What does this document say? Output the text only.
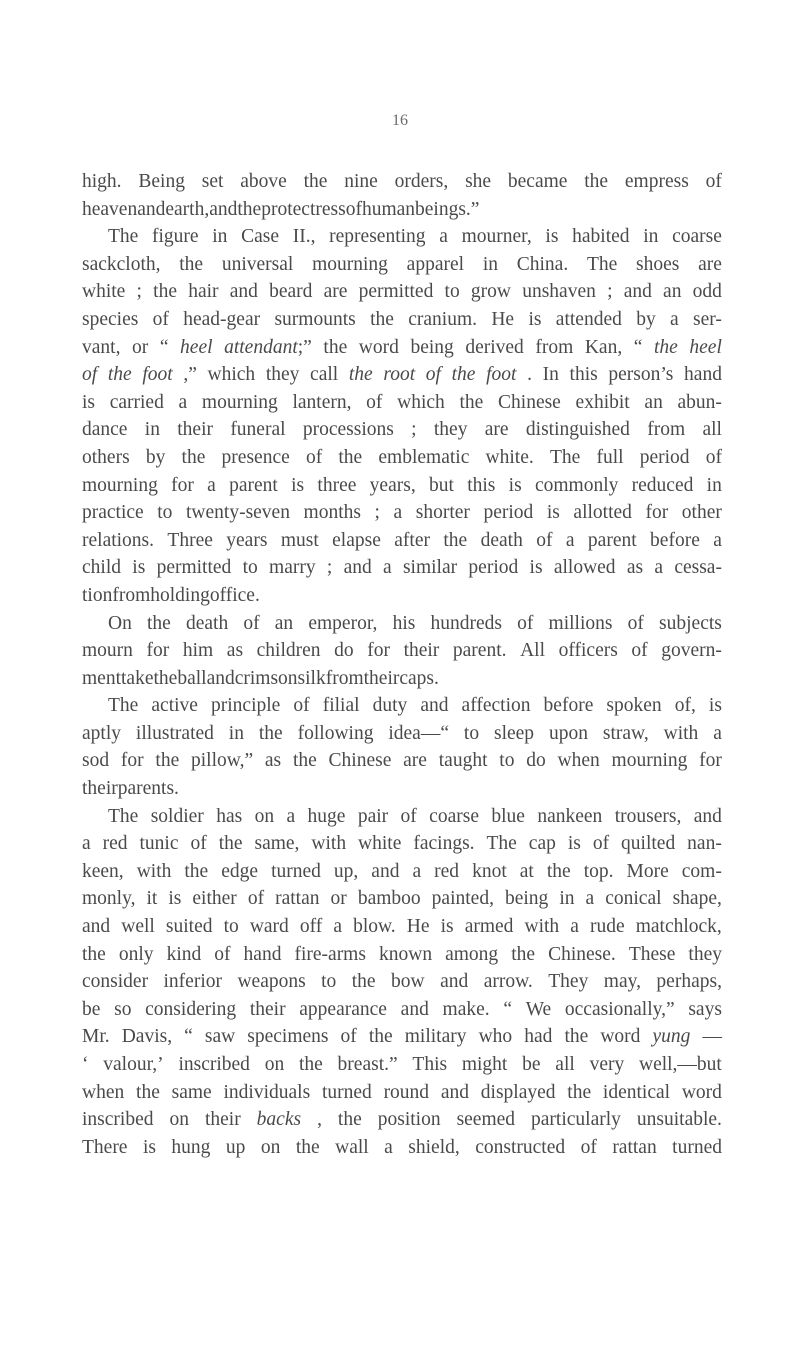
16
high. Being set above the nine orders, she became the empress of
heaven and earth, and the protectress of human beings.”
The figure in Case II., representing a mourner, is habited in coarse
sackcloth, the universal mourning apparel in China. The shoes are
white ; the hair and beard are permitted to grow unshaven ; and an odd
species of head-gear surmounts the cranium. He is attended by a ser-
vant, or “ heel attendant;” the word being derived from Kan, “ the heel
of the foot ,” which they call the root of the foot . In this person’s hand
is carried a mourning lantern, of which the Chinese exhibit an abun-
dance in their funeral processions ; they are distinguished from all
others by the presence of the emblematic white. The full period of
mourning for a parent is three years, but this is commonly reduced in
practice to twenty-seven months ; a shorter period is allotted for other
relations. Three years must elapse after the death of a parent before a
child is permitted to marry ; and a similar period is allowed as a cessa-
tion from holding office.
On the death of an emperor, his hundreds of millions of subjects
mourn for him as children do for their parent. All officers of govern-
ment take the ball and crimson silk from their caps.
The active principle of filial duty and affection before spoken of, is
aptly illustrated in the following idea—“ to sleep upon straw, with a
sod for the pillow,” as the Chinese are taught to do when mourning for
their parents.
The soldier has on a huge pair of coarse blue nankeen trousers, and
a red tunic of the same, with white facings. The cap is of quilted nan-
keen, with the edge turned up, and a red knot at the top. More com-
monly, it is either of rattan or bamboo painted, being in a conical shape,
and well suited to ward off a blow. He is armed with a rude matchlock,
the only kind of hand fire-arms known among the Chinese. These they
consider inferior weapons to the bow and arrow. They may, perhaps,
be so considering their appearance and make. “ We occasionally,” says
Mr. Davis, “ saw specimens of the military who had the word yung —
‘ valour,’ inscribed on the breast.” This might be all very well,—but
when the same individuals turned round and displayed the identical word
inscribed on their backs , the position seemed particularly unsuitable.
There is hung up on the wall a shield, constructed of rattan turned
